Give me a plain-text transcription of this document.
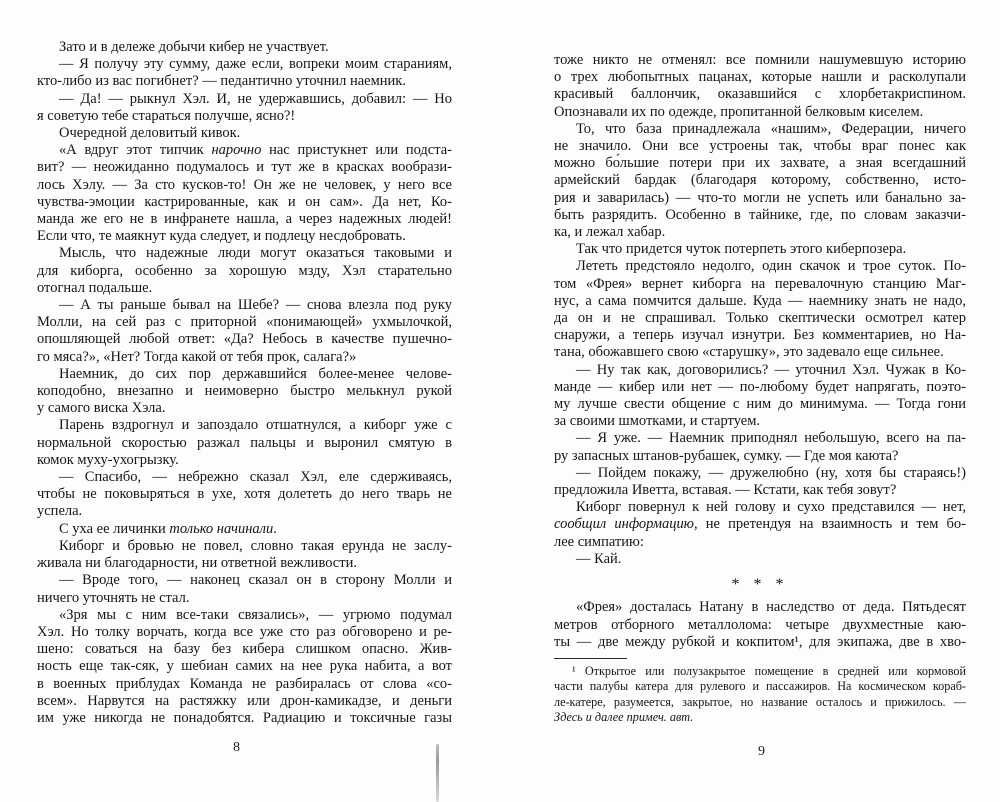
Зато и в дележе добычи кибер не участвует.
— Я получу эту сумму, даже если, вопреки моим стараниям,
кто-либо из вас погибнет? — педантично уточнил наемник.
— Да! — рыкнул Хэл. И, не удержавшись, добавил: — Но
я советую тебе стараться получше, ясно?!
Очередной деловитый кивок.
«А вдруг этот типчик нарочно нас пристукнет или подста-
вит? — неожиданно подумалось и тут же в красках вообрази-
лось Хэлу. — За сто кусков-то! Он же не человек, у него все
чувства-эмоции кастрированные, как и он сам». Да нет, Ко-
манда же его не в инфранете нашла, а через надежных людей!
Если что, те маякнут куда следует, и подлецу несдобровать.
Мысль, что надежные люди могут оказаться таковыми и
для киборга, особенно за хорошую мзду, Хэл старательно
отогнал подальше.
— А ты раньше бывал на Шебе? — снова влезла под руку
Молли, на сей раз с приторной «понимающей» ухмылочкой,
опошляющей любой ответ: «Да? Небось в качестве пушечно-
го мяса?», «Нет? Тогда какой от тебя прок, салага?»
Наемник, до сих пор державшийся более-менее челове-
коподобно, внезапно и неимоверно быстро мелькнул рукой
у самого виска Хэла.
Парень вздрогнул и запоздало отшатнулся, а киборг уже с
нормальной скоростью разжал пальцы и выронил смятую в
комок муху-ухогрызку.
— Спасибо, — небрежно сказал Хэл, еле сдерживаясь,
чтобы не поковыряться в ухе, хотя долететь до него тварь не
успела.
С уха ее личинки только начинали.
Киборг и бровью не повел, словно такая ерунда не заслу-
живала ни благодарности, ни ответной вежливости.
— Вроде того, — наконец сказал он в сторону Молли и
ничего уточнять не стал.
«Зря мы с ним все-таки связались», — угрюмо подумал
Хэл. Но толку ворчать, когда все уже сто раз обговорено и ре-
шено: соваться на базу без кибера слишком опасно. Жив-
ность еще так-сяк, у шебиан самих на нее рука набита, а вот
в военных приблудах Команда не разбиралась от слова «со-
всем». Нарвутся на растяжку или дрон-камикадзе, и деньги
им уже никогда не понадобятся. Радиацию и токсичные газы
тоже никто не отменял: все помнили нашумевшую историю
о трех любопытных пацанах, которые нашли и расколупали
красивый баллончик, оказавшийся с хлорбетакриспином.
Опознавали их по одежде, пропитанной белковым киселем.
То, что база принадлежала «нашим», Федерации, ничего
не значило. Они все устроены так, чтобы враг понес как
можно бо́льшие потери при их захвате, а зная всегдашний
армейский бардак (благодаря которому, собственно, исто-
рия и заварилась) — что-то могли не успеть или банально за-
быть разрядить. Особенно в тайнике, где, по словам заказчи-
ка, и лежал хабар.
Так что придется чуток потерпеть этого киберпозера.
Лететь предстояло недолго, один скачок и трое суток. По-
том «Фрея» вернет киборга на перевалочную станцию Маг-
нус, а сама помчится дальше. Куда — наемнику знать не надо,
да он и не спрашивал. Только скептически осмотрел катер
снаружи, а теперь изучал изнутри. Без комментариев, но На-
тана, обожавшего свою «старушку», это задевало еще сильнее.
— Ну так как, договорились? — уточнил Хэл. Чужак в Ко-
манде — кибер или нет — по-любому будет напрягать, поэто-
му лучше свести общение с ним до минимума. — Тогда гони
за своими шмотками, и стартуем.
— Я уже. — Наемник приподнял небольшую, всего на па-
ру запасных штанов-рубашек, сумку. — Где моя каюта?
— Пойдем покажу, — дружелюбно (ну, хотя бы стараясь!)
предложила Иветта, вставая. — Кстати, как тебя зовут?
Киборг повернул к ней голову и сухо представился — нет,
сообщил информацию, не претендуя на взаимность и тем бо-
лее симпатию:
— Кай.
* * *
«Фрея» досталась Натану в наследство от деда. Пятьдесят
метров отборного металлолома: четыре двухместные каю-
ты — две между рубкой и кокпитом¹, для экипажа, две в хво-
¹ Открытое или полузакрытое помещение в средней или кормовой
части палубы катера для рулевого и пассажиров. На космическом кораб-
ле-катере, разумеется, закрытое, но название осталось и прижилось. —
Здесь и далее примеч. авт.
8	9
